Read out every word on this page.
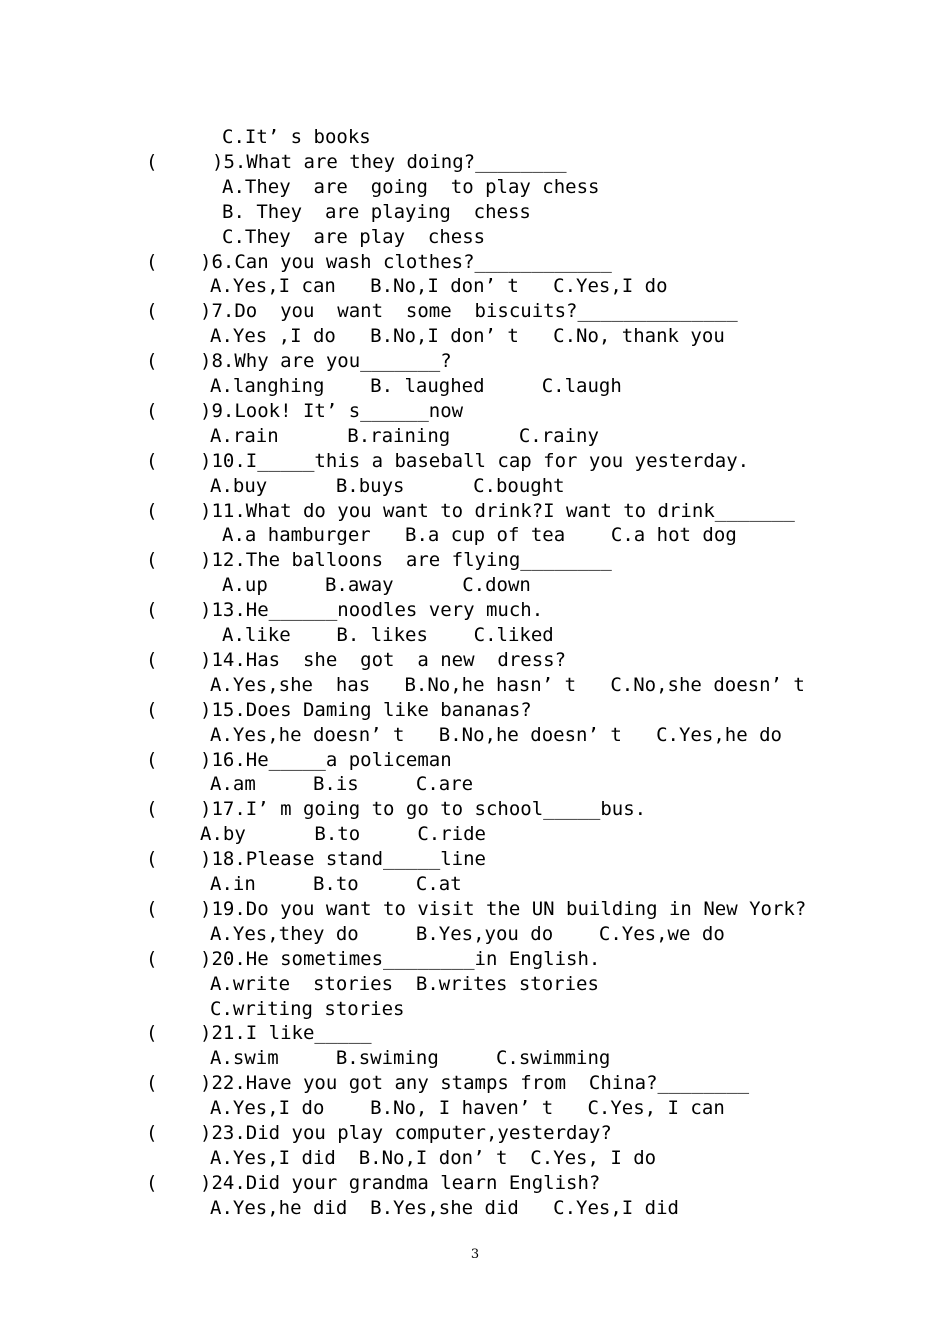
3
C.It’ s books
(	)5.What are they doing?________
A.They  are  going  to play chess
B. They  are playing  chess
C.They  are play  chess
( )6.Can you wash clothes?____________
A.Yes,I can   B.No,I don’ t   C.Yes,I do
( )7.Do  you  want  some  biscuits?______________
A.Yes ,I do   B.No,I don’ t   C.No, thank you
( )8.Why are you_______?
A.langhing    B. laughed     C.laugh
( )9.Look! It’ s______now
A.rain      B.raining      C.rainy
( )10.I_____this a baseball cap for you yesterday.
A.buy      B.buys      C.bought
( )11.What do you want to drink?I want to drink_______
A.a hamburger   B.a cup of tea    C.a hot dog
( )12.The balloons  are flying________
A.up     B.away      C.down
( )13.He______noodles very much.
A.like    B. likes    C.liked
( )14.Has  she  got  a new  dress?
A.Yes,she  has   B.No,he hasn’ t   C.No,she doesn’ t
( )15.Does Daming like bananas?
A.Yes,he doesn’ t   B.No,he doesn’ t   C.Yes,he do
( )16.He_____a policeman
A.am     B.is     C.are
( )17.I’ m going to go to school_____bus.
A.by      B.to     C.ride
( )18.Please stand_____line
A.in     B.to     C.at
( )19.Do you want to visit the UN building in New York?
A.Yes,they do     B.Yes,you do    C.Yes,we do
( )20.He sometimes________in English.
A.write  stories  B.writes stories
C.writing stories
( )21.I like_____
A.swim     B.swiming     C.swimming
( )22.Have you got any stamps from  China?________
A.Yes,I do    B.No, I haven’ t   C.Yes, I can
( )23.Did you play computer,yesterday?
A.Yes,I did  B.No,I don’ t  C.Yes, I do
( )24.Did your grandma learn English?
A.Yes,he did  B.Yes,she did   C.Yes,I did
